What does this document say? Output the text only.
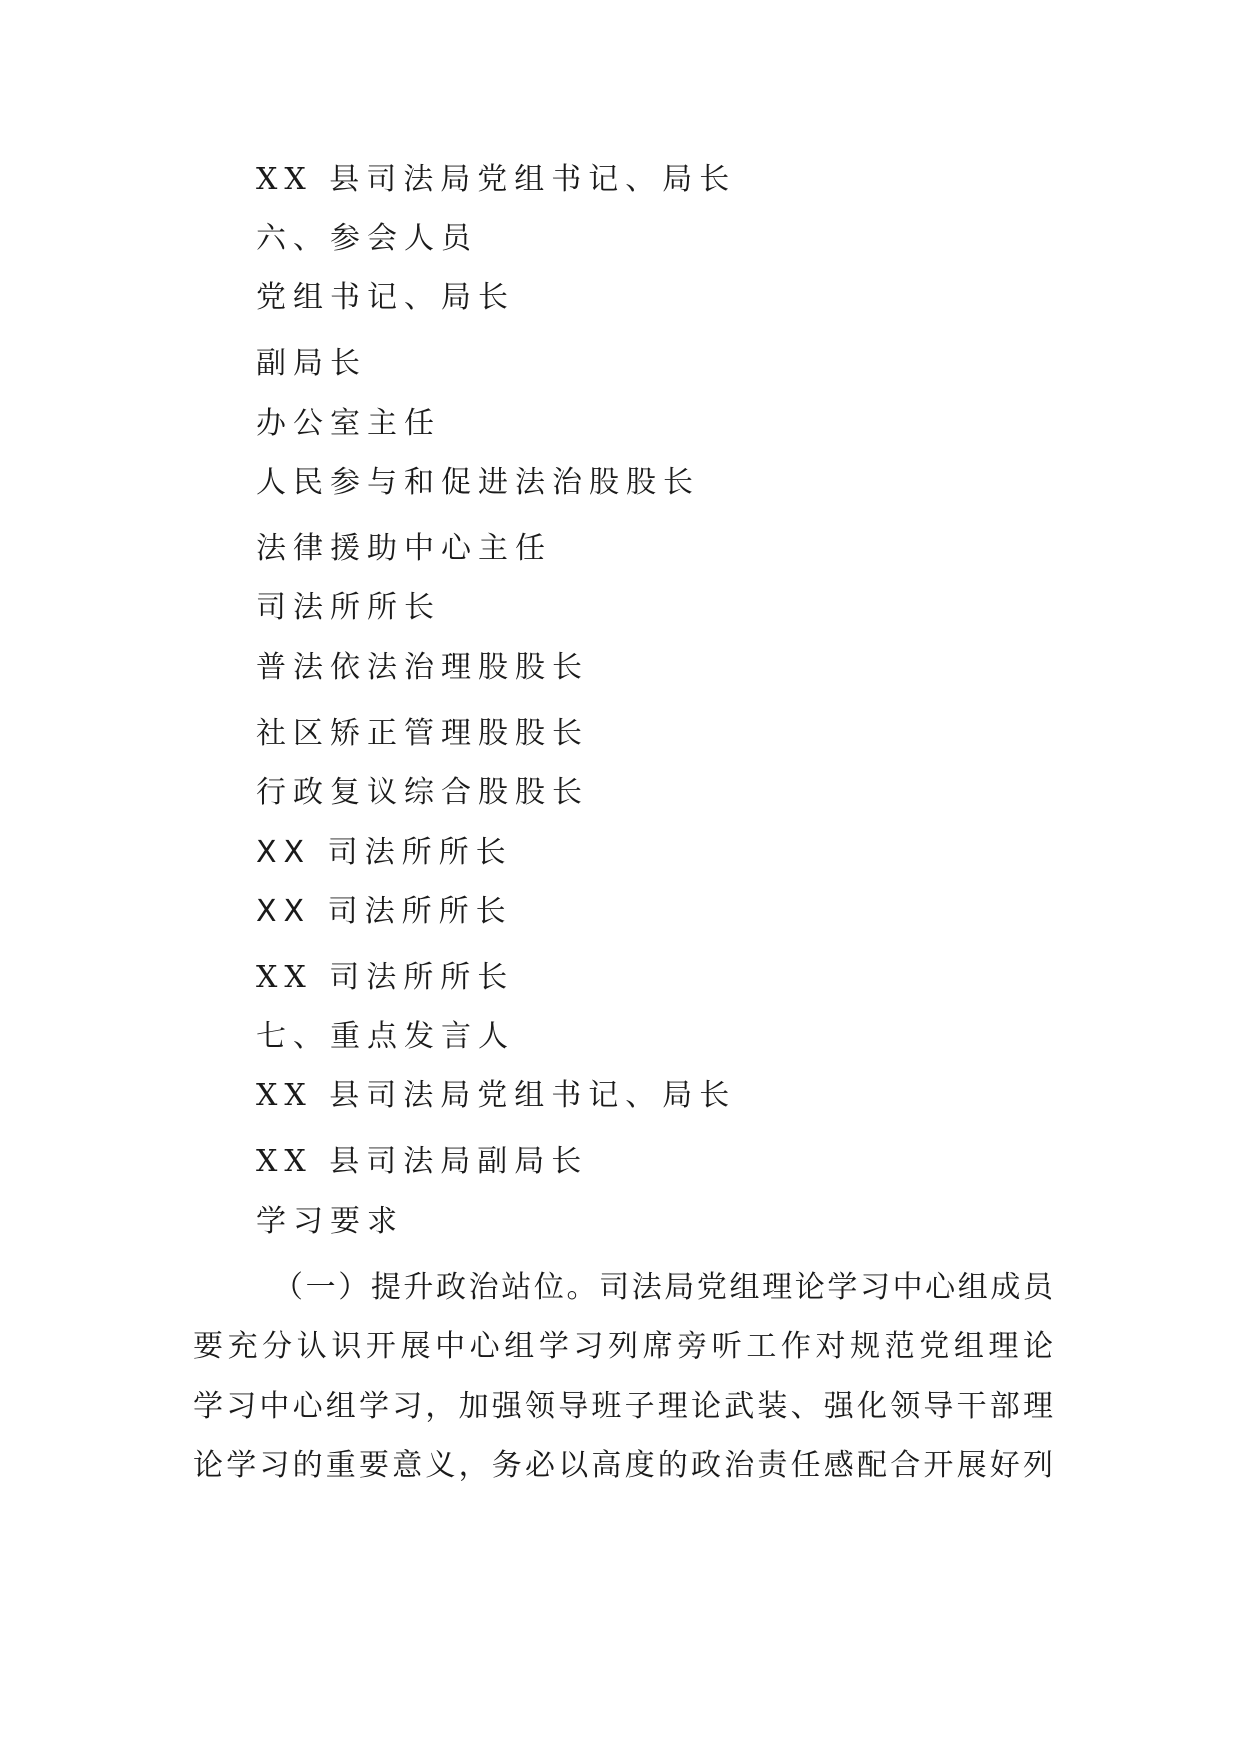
XX 县司法局党组书记、局长
六、参会人员
党组书记、局长
副局长
办公室主任
人民参与和促进法治股股长
法律援助中心主任
司法所所长
普法依法治理股股长
社区矫正管理股股长
行政复议综合股股长
XX 司法所所长
XX 司法所所长
XX 司法所所长
七、重点发言人
XX 县司法局党组书记、局长
XX 县司法局副局长
学习要求
（一）提升政治站位。司法局党组理论学习中心组成员
要充分认识开展中心组学习列席旁听工作对规范党组理论
学习中心组学习，加强领导班子理论武装、强化领导干部理
论学习的重要意义，务必以高度的政治责任感配合开展好列
